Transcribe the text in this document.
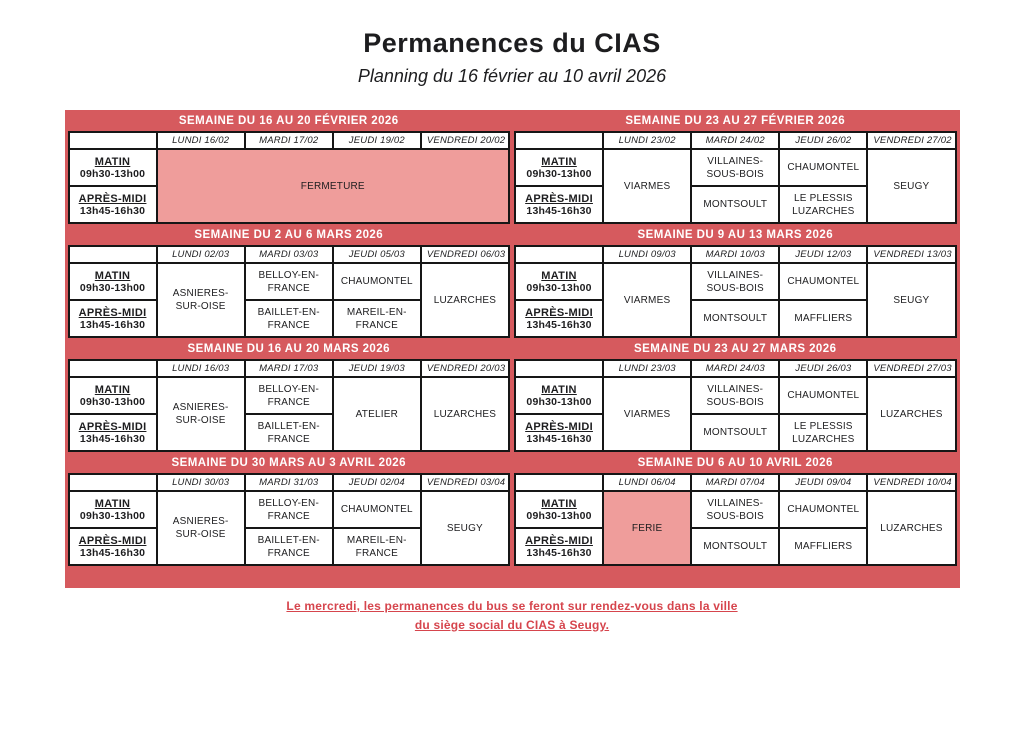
Permanences du CIAS
Planning du 16 février au 10 avril 2026
SEMAINE DU 16 AU 20 FÉVRIER 2026
	LUNDI 16/02	MARDI 17/02	JEUDI 19/02	VENDREDI 20/02

MATIN
09h30-13h00	FERMETURE			

APRÈS-MIDI
13h45-16h30				
SEMAINE DU 23 AU 27 FÉVRIER 2026
	LUNDI 23/02	MARDI 24/02	JEUDI 26/02	VENDREDI 27/02

MATIN
09h30-13h00	VIARMES	VILLAINES-SOUS-BOIS	CHAUMONTEL	SEUGY

APRÈS-MIDI
13h45-16h30		MONTSOULT	LE PLESSIS LUZARCHES	
SEMAINE DU 2 AU 6 MARS 2026
	LUNDI 02/03	MARDI 03/03	JEUDI 05/03	VENDREDI 06/03

MATIN
09h30-13h00	ASNIERES-SUR-OISE	BELLOY-EN-FRANCE	CHAUMONTEL	LUZARCHES

APRÈS-MIDI
13h45-16h30		BAILLET-EN-FRANCE	MAREIL-EN-FRANCE	
SEMAINE DU 9 AU 13 MARS 2026
	LUNDI 09/03	MARDI 10/03	JEUDI 12/03	VENDREDI 13/03

MATIN
09h30-13h00	VIARMES	VILLAINES-SOUS-BOIS	CHAUMONTEL	SEUGY

APRÈS-MIDI
13h45-16h30		MONTSOULT	MAFFLIERS	
SEMAINE DU 16 AU 20 MARS 2026
	LUNDI 16/03	MARDI 17/03	JEUDI 19/03	VENDREDI 20/03

MATIN
09h30-13h00	ASNIERES-SUR-OISE	BELLOY-EN-FRANCE	ATELIER	LUZARCHES

APRÈS-MIDI
13h45-16h30		BAILLET-EN-FRANCE		
SEMAINE DU 23 AU 27 MARS 2026
	LUNDI 23/03	MARDI 24/03	JEUDI 26/03	VENDREDI 27/03

MATIN
09h30-13h00	VIARMES	VILLAINES-SOUS-BOIS	CHAUMONTEL	LUZARCHES

APRÈS-MIDI
13h45-16h30		MONTSOULT	LE PLESSIS LUZARCHES	
SEMAINE DU 30 MARS AU 3 AVRIL 2026
	LUNDI 30/03	MARDI 31/03	JEUDI 02/04	VENDREDI 03/04

MATIN
09h30-13h00	ASNIERES-SUR-OISE	BELLOY-EN-FRANCE	CHAUMONTEL	SEUGY

APRÈS-MIDI
13h45-16h30		BAILLET-EN-FRANCE	MAREIL-EN-FRANCE	
SEMAINE DU 6 AU 10 AVRIL 2026
	LUNDI 06/04	MARDI 07/04	JEUDI 09/04	VENDREDI 10/04

MATIN
09h30-13h00	FERIE	VILLAINES-SOUS-BOIS	CHAUMONTEL	LUZARCHES

APRÈS-MIDI
13h45-16h30		MONTSOULT	MAFFLIERS	
Le mercredi, les permanences du bus se feront sur rendez-vous dans la ville
du siège social du CIAS à Seugy.
